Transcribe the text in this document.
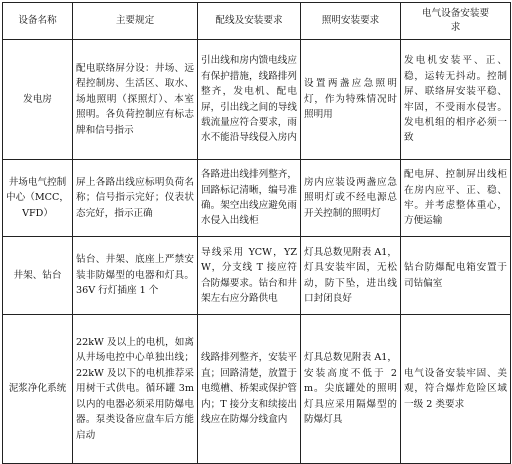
设备名称	主要规定	配线及安装要求	照明安装要求	电气设备安装要求
发电房	配电联络屏分设：井场、远程控制房、生活区、取水、场地照明（探照灯）、本室照明。各负荷控制应有标志牌和信号指示	引出线和房内馈电线应有保护措施，线路排列整齐，发电机、配电屏，引出线之间的导线载流量应符合要求，雨水不能沿导线侵入房内	设置两盏应急照明灯，作为特殊情况时照明用	发电机安装平、正、稳，运转无抖动。控制屏、联络屏安装平稳、牢固，不受雨水侵害。发电机组的相序必须一致
井场电气控制中心（MCC，VFD）	屏上各路出线应标明负荷名称；信号指示完好；仪表状态完好，指示正确	各路进出线排列整齐，回路标记清晰，编号准确。架空出线应避免雨水侵入出线柜	房内应装设两盏应急照明灯或不经电源总开关控制的照明灯	配电屏、控制屏出线柜在房内应平、正、稳、牢。并考虑整体重心，方便运输
井架、钻台	钻台、井架、底座上严禁安装非防爆型的电器和灯具。36V 行灯插座 1 个	导线采用 YCW，YZW，分支线 T 接应符合防爆要求。钻台和井架左右应分路供电	灯具总数见附表 A1，灯具安装牢固，无松动，防下坠，进出线口封闭良好	钻台防爆配电箱安置于司钻偏室
泥浆净化系统	22kW 及以上的电机，如离从井场电控中心单独出线；22kW 及以下的电机推荐采用树干式供电。循环罐 3m 以内的电器必须采用防爆电器。泵类设备应盘车后方能启动	线路排列整齐，安装平直；回路清楚，放置于电缆槽、桥架或保护管内；T 接分支和续接出线应在防爆分线盒内	灯具总数见附表 A1，安装高度不低于 2m。尖底罐处的照明灯具应采用隔爆型的防爆灯具	电气设备安装牢固、美观，符合爆炸危险区域一级 2 类要求
